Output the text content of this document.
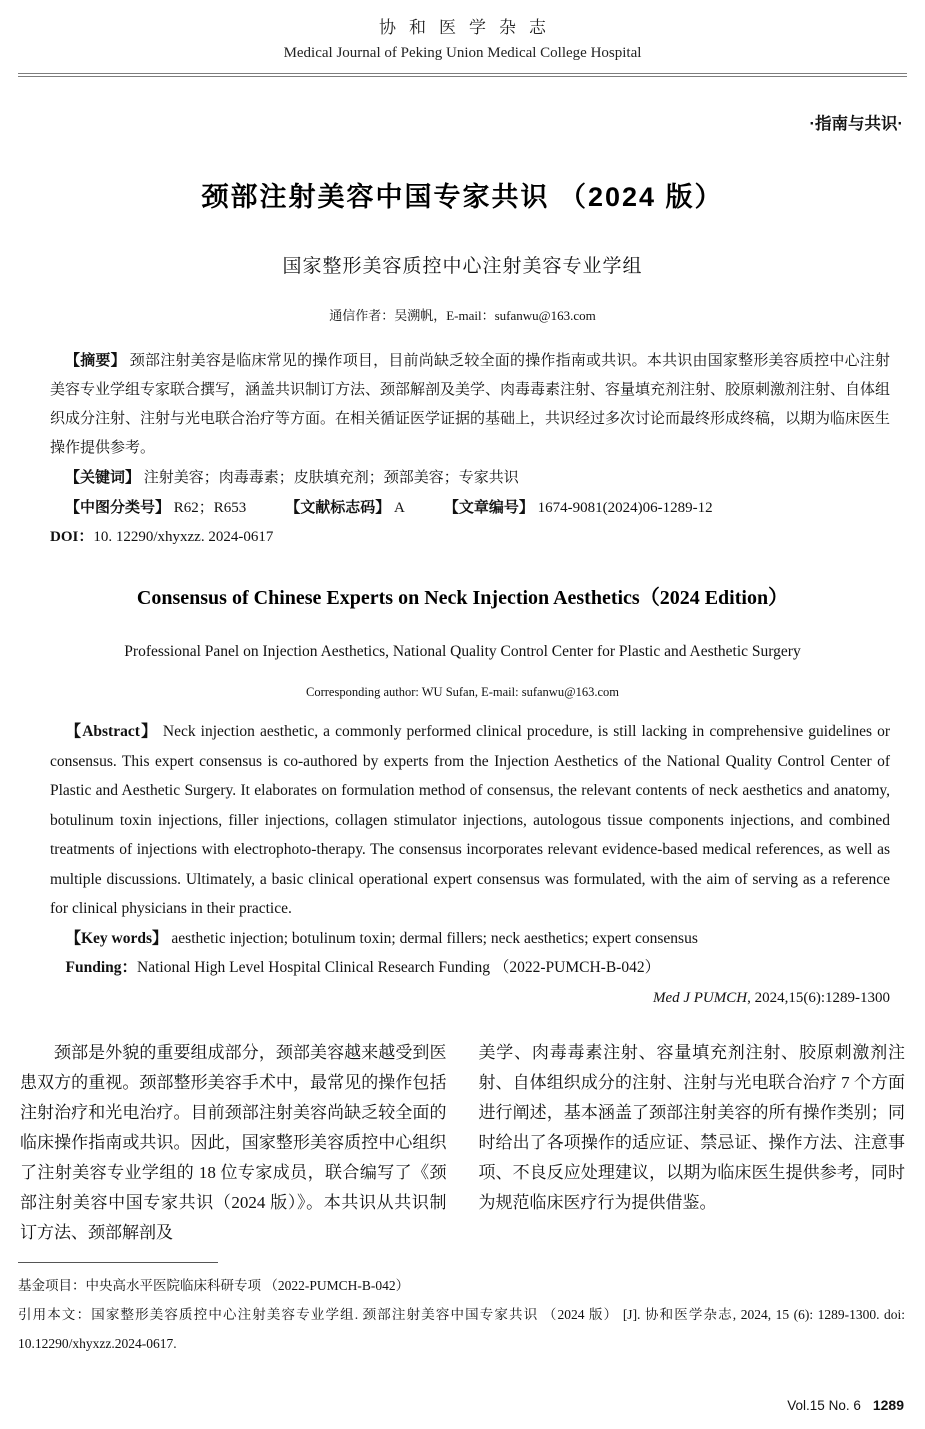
协和医学杂志
Medical Journal of Peking Union Medical College Hospital
·指南与共识·
颈部注射美容中国专家共识 （2024 版）
国家整形美容质控中心注射美容专业学组
通信作者：吴溯帆，E-mail：sufanwu@163.com

【摘要】 颈部注射美容是临床常见的操作项目，目前尚缺乏较全面的操作指南或共识。本共识由国家整形美容质控中心注射美容专业学组专家联合撰写，涵盖共识制订方法、颈部解剖及美学、肉毒毒素注射、容量填充剂注射、胶原刺激剂注射、自体组织成分注射、注射与光电联合治疗等方面。在相关循证医学证据的基础上，共识经过多次讨论而最终形成终稿，以期为临床医生操作提供参考。

【关键词】 注射美容；肉毒毒素；皮肤填充剂；颈部美容；专家共识

【中图分类号】 R62；R653	【文献标志码】 A	【文章编号】 1674-9081(2024)06-1289-12

DOI：10. 12290/xhyxzz. 2024-0617

Consensus of Chinese Experts on Neck Injection Aesthetics（2024 Edition）
Professional Panel on Injection Aesthetics, National Quality Control Center for Plastic and Aesthetic Surgery
Corresponding author: WU Sufan, E-mail: sufanwu@163.com

【Abstract】 Neck injection aesthetic, a commonly performed clinical procedure, is still lacking in comprehensive guidelines or consensus. This expert consensus is co-authored by experts from the Injection Aesthetics of the National Quality Control Center of Plastic and Aesthetic Surgery. It elaborates on formulation method of consensus, the relevant contents of neck aesthetics and anatomy, botulinum toxin injections, filler injections, collagen stimulator injections, autologous tissue components injections, and combined treatments of injections with electrophoto-therapy. The consensus incorporates relevant evidence-based medical references, as well as multiple discussions. Ultimately, a basic clinical operational expert consensus was formulated, with the aim of serving as a reference for clinical physicians in their practice.

【Key words】 aesthetic injection; botulinum toxin; dermal fillers; neck aesthetics; expert consensus

Funding：National High Level Hospital Clinical Research Funding （2022-PUMCH-B-042）

Med J PUMCH, 2024,15(6):1289-1300

颈部是外貌的重要组成部分，颈部美容越来越受到医患双方的重视。颈部整形美容手术中，最常见的操作包括注射治疗和光电治疗。目前颈部注射美容尚缺乏较全面的临床操作指南或共识。因此，国家整形美容质控中心组织了注射美容专业学组的 18 位专家成员，联合编写了《颈部注射美容中国专家共识（2024 版）》。本共识从共识制订方法、颈部解剖及

美学、肉毒毒素注射、容量填充剂注射、胶原刺激剂注射、自体组织成分的注射、注射与光电联合治疗 7 个方面进行阐述，基本涵盖了颈部注射美容的所有操作类别；同时给出了各项操作的适应证、禁忌证、操作方法、注意事项、不良反应处理建议，以期为临床医生提供参考，同时为规范临床医疗行为提供借鉴。

基金项目：中央高水平医院临床科研专项 （2022-PUMCH-B-042）

引用本文：国家整形美容质控中心注射美容专业学组. 颈部注射美容中国专家共识 （2024 版） [J]. 协和医学杂志, 2024, 15 (6): 1289-1300. doi: 10.12290/xhyxzz.2024-0617.

Vol.15 No. 6 1289
